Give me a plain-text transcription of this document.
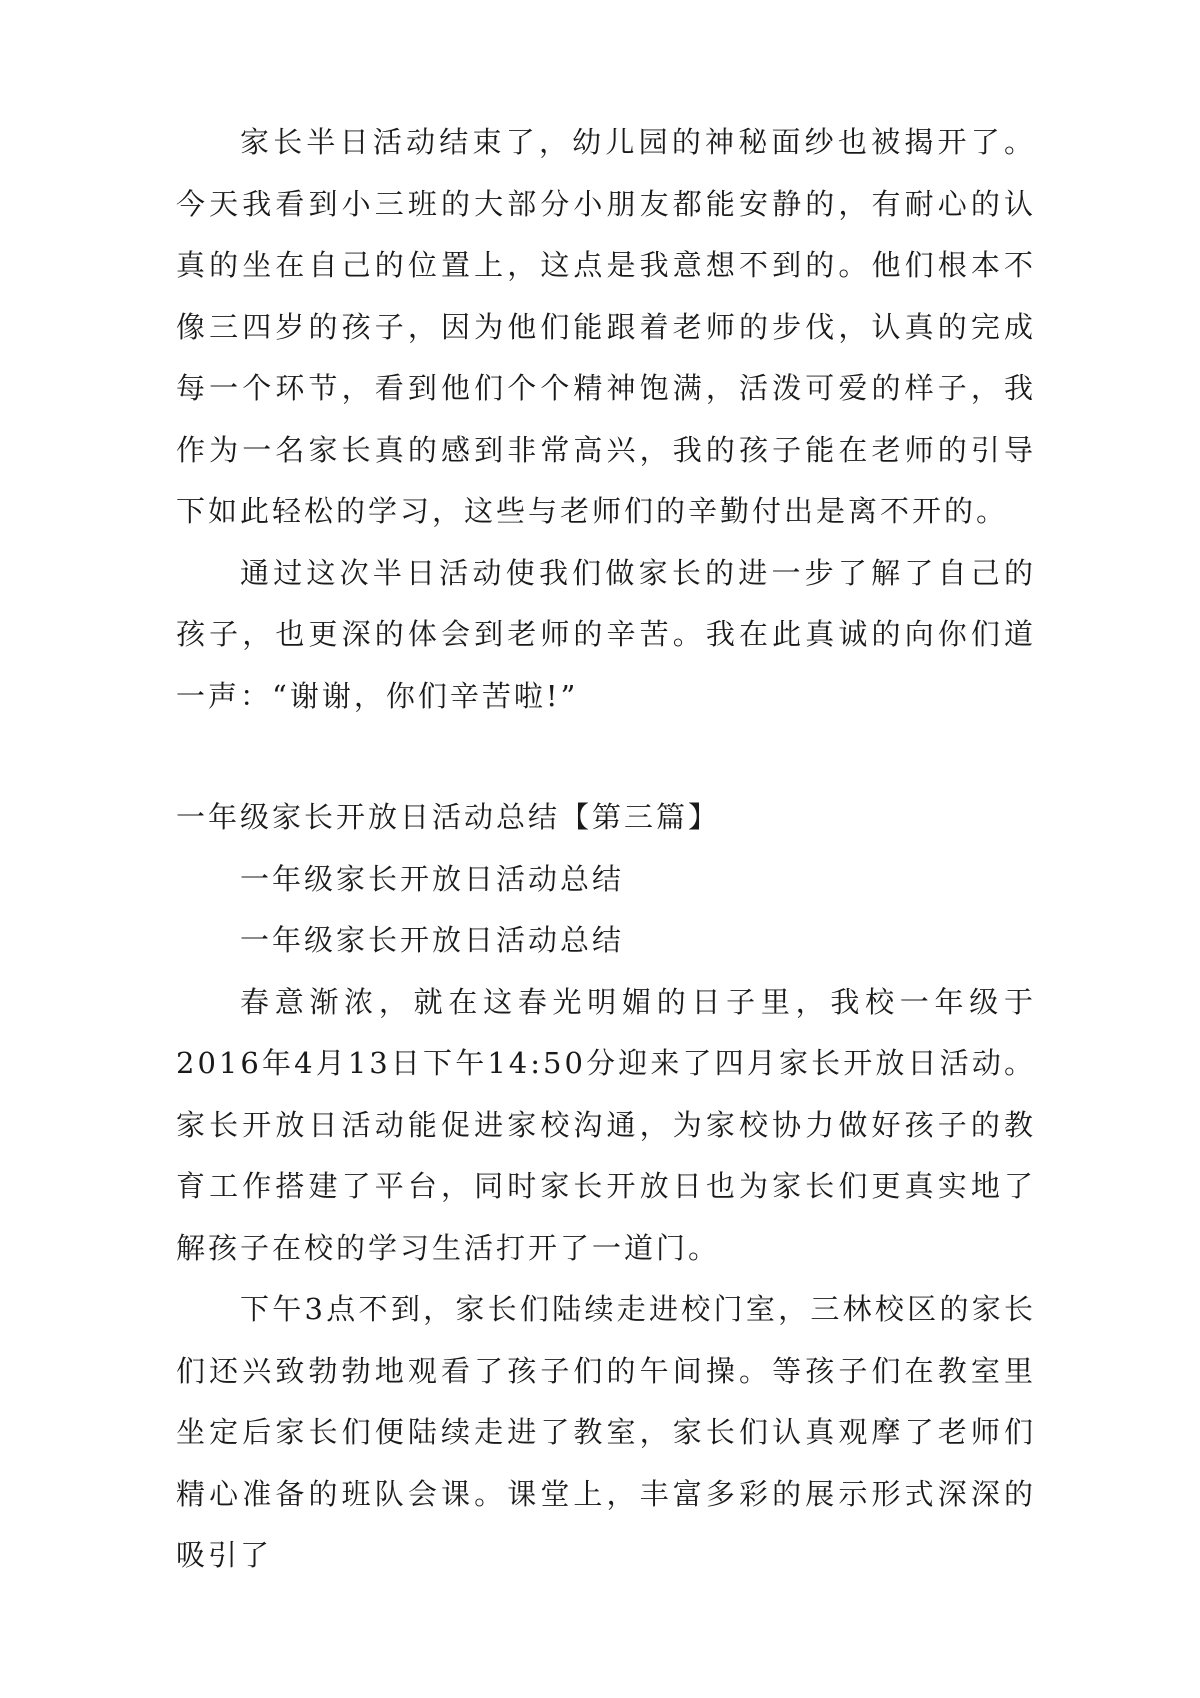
家长半日活动结束了，幼儿园的神秘面纱也被揭开了。今天我看到小三班的大部分小朋友都能安静的，有耐心的认真的坐在自己的位置上，这点是我意想不到的。他们根本不像三四岁的孩子，因为他们能跟着老师的步伐，认真的完成每一个环节，看到他们个个精神饱满，活泼可爱的样子，我作为一名家长真的感到非常高兴，我的孩子能在老师的引导下如此轻松的学习，这些与老师们的辛勤付出是离不开的。

通过这次半日活动使我们做家长的进一步了解了自己的孩子，也更深的体会到老师的辛苦。我在此真诚的向你们道一声：“谢谢，你们辛苦啦!”

一年级家长开放日活动总结【第三篇】

一年级家长开放日活动总结

一年级家长开放日活动总结

春意渐浓，就在这春光明媚的日子里，我校一年级于2016年4月13日下午14:50分迎来了四月家长开放日活动。家长开放日活动能促进家校沟通，为家校协力做好孩子的教育工作搭建了平台，同时家长开放日也为家长们更真实地了解孩子在校的学习生活打开了一道门。

下午3点不到，家长们陆续走进校门室，三林校区的家长们还兴致勃勃地观看了孩子们的午间操。等孩子们在教室里坐定后家长们便陆续走进了教室，家长们认真观摩了老师们精心准备的班队会课。课堂上，丰富多彩的展示形式深深的吸引了
